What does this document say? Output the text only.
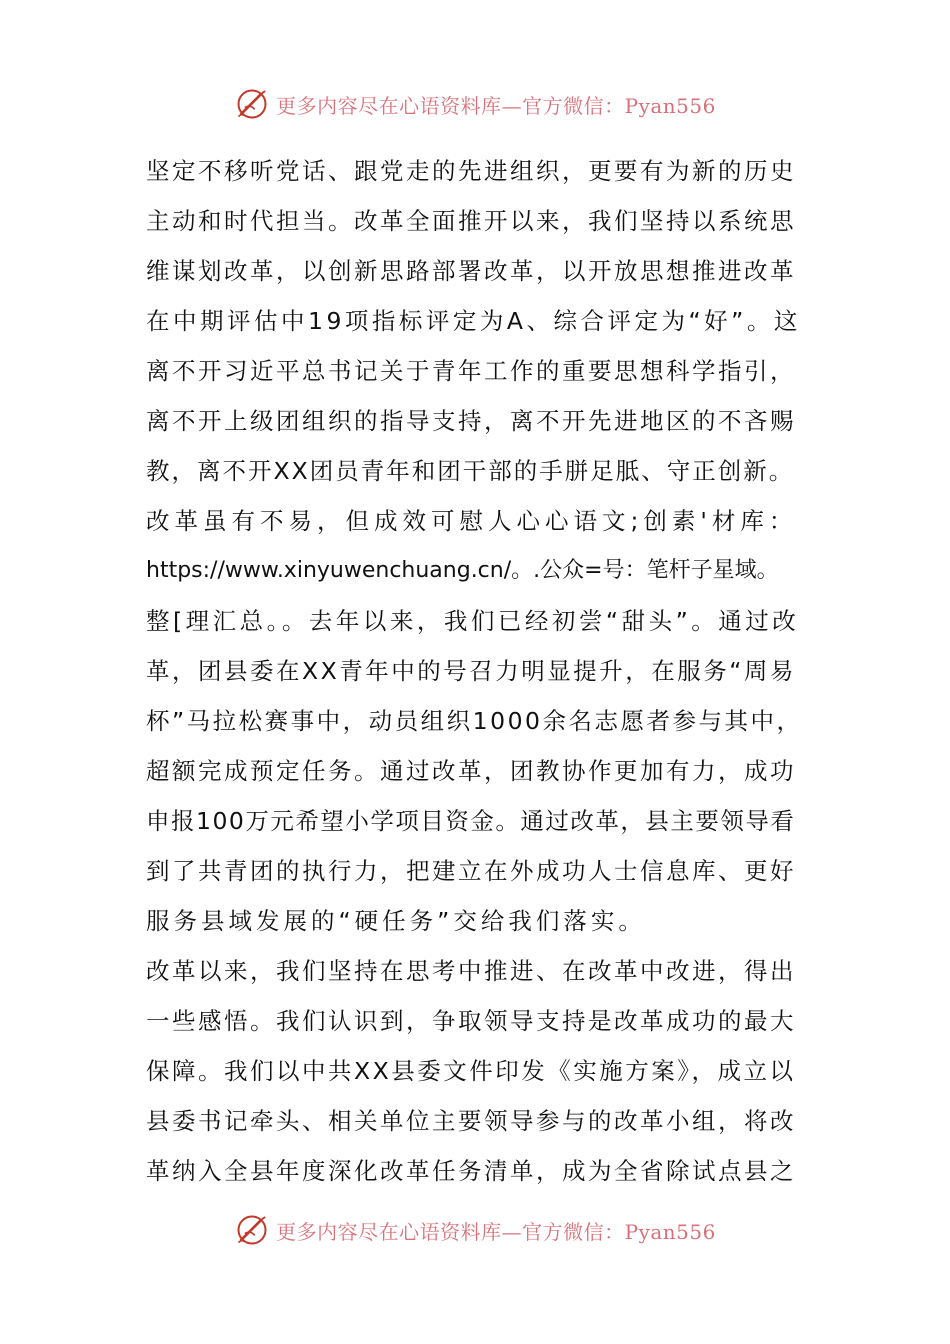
更多内容尽在心语资料库—官方微信：Pyan556
坚定不移听党话、跟党走的先进组织，更要有为新的历史
主动和时代担当。改革全面推开以来，我们坚持以系统思
维谋划改革，以创新思路部署改革，以开放思想推进改革
在中期评估中19项指标评定为A、综合评定为“好”。这
离不开习近平总书记关于青年工作的重要思想科学指引，
离不开上级团组织的指导支持，离不开先进地区的不吝赐
教，离不开XX团员青年和团干部的手胼足胝、守正创新。
改革虽有不易，但成效可慰人心心语文;创素'材库：
https://www.xinyuwenchuang.cn/。.公众=号：笔杆子星域。
整[理汇总。。去年以来，我们已经初尝“甜头”。通过改
革，团县委在XX青年中的号召力明显提升，在服务“周易
杯”马拉松赛事中，动员组织1000余名志愿者参与其中，
超额完成预定任务。通过改革，团教协作更加有力，成功
申报100万元希望小学项目资金。通过改革，县主要领导看
到了共青团的执行力，把建立在外成功人士信息库、更好
服务县域发展的“硬任务”交给我们落实。
改革以来，我们坚持在思考中推进、在改革中改进，得出
一些感悟。我们认识到，争取领导支持是改革成功的最大
保障。我们以中共XX县委文件印发《实施方案》，成立以
县委书记牵头、相关单位主要领导参与的改革小组，将改
革纳入全县年度深化改革任务清单，成为全省除试点县之
更多内容尽在心语资料库—官方微信：Pyan556
